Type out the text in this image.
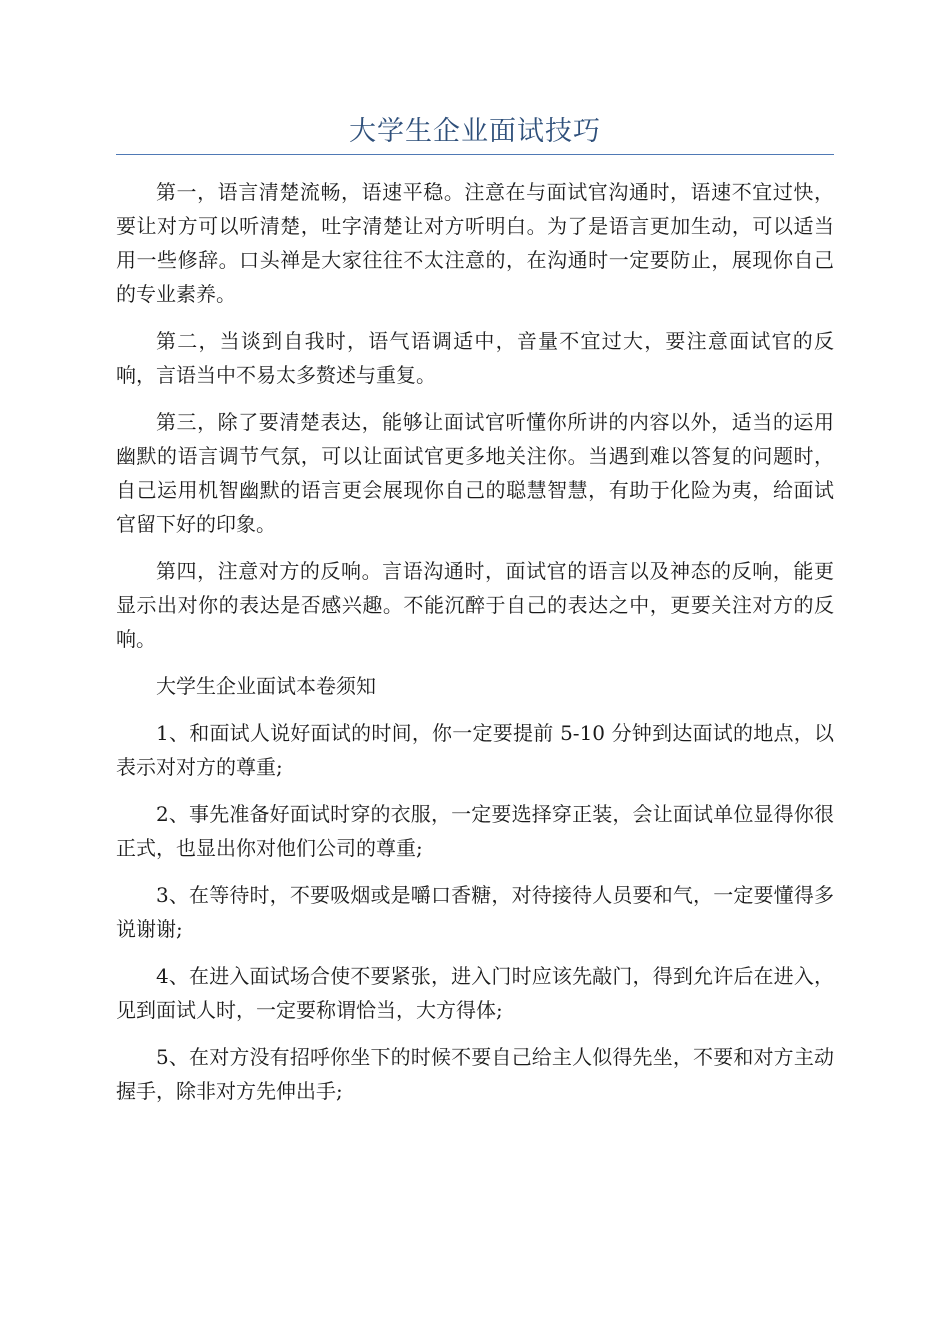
大学生企业面试技巧

第一，语言清楚流畅，语速平稳。注意在与面试官沟通时，语速不宜过快，要让对方可以听清楚，吐字清楚让对方听明白。为了是语言更加生动，可以适当用一些修辞。口头禅是大家往往不太注意的，在沟通时一定要防止，展现你自己的专业素养。

第二，当谈到自我时，语气语调适中，音量不宜过大，要注意面试官的反响，言语当中不易太多赘述与重复。

第三，除了要清楚表达，能够让面试官听懂你所讲的内容以外，适当的运用幽默的语言调节气氛，可以让面试官更多地关注你。当遇到难以答复的问题时，自己运用机智幽默的语言更会展现你自己的聪慧智慧，有助于化险为夷，给面试官留下好的印象。

第四，注意对方的反响。言语沟通时，面试官的语言以及神态的反响，能更显示出对你的表达是否感兴趣。不能沉醉于自己的表达之中，更要关注对方的反响。

大学生企业面试本卷须知

1、和面试人说好面试的时间，你一定要提前 5-10 分钟到达面试的地点，以表示对对方的尊重;

2、事先准备好面试时穿的衣服，一定要选择穿正装，会让面试单位显得你很正式，也显出你对他们公司的尊重;

3、在等待时，不要吸烟或是嚼口香糖，对待接待人员要和气，一定要懂得多说谢谢;

4、在进入面试场合使不要紧张，进入门时应该先敲门，得到允许后在进入，见到面试人时，一定要称谓恰当，大方得体;

5、在对方没有招呼你坐下的时候不要自己给主人似得先坐，不要和对方主动握手，除非对方先伸出手;
